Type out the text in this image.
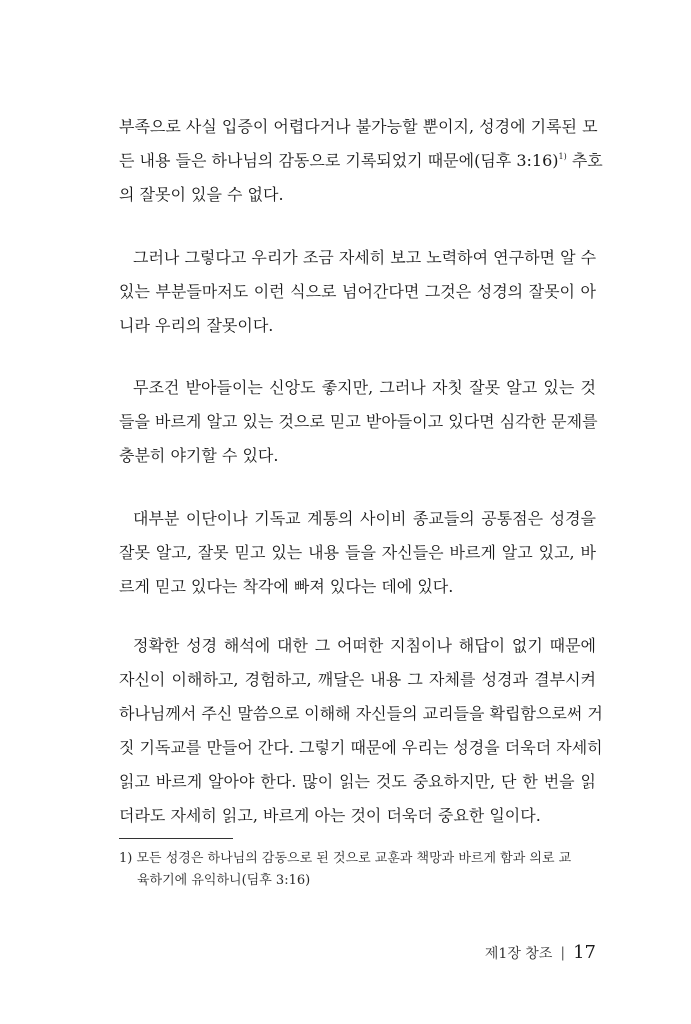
부족으로 사실 입증이 어렵다거나 불가능할 뿐이지, 성경에 기록된 모
든 내용 들은 하나님의 감동으로 기록되었기 때문에(딤후 3:16)$^{1)}$ 추호
의 잘못이 있을 수 없다.
그러나 그렇다고 우리가 조금 자세히 보고 노력하여 연구하면 알 수
있는 부분들마저도 이런 식으로 넘어간다면 그것은 성경의 잘못이 아
니라 우리의 잘못이다.
무조건 받아들이는 신앙도 좋지만, 그러나 자칫 잘못 알고 있는 것
들을 바르게 알고 있는 것으로 믿고 받아들이고 있다면 심각한 문제를
충분히 야기할 수 있다.
대부분 이단이나 기독교 계통의 사이비 종교들의 공통점은 성경을
잘못 알고, 잘못 믿고 있는 내용 들을 자신들은 바르게 알고 있고, 바
르게 믿고 있다는 착각에 빠져 있다는 데에 있다.
정확한 성경 해석에 대한 그 어떠한 지침이나 해답이 없기 때문에
자신이 이해하고, 경험하고, 깨달은 내용 그 자체를 성경과 결부시켜
하나님께서 주신 말씀으로 이해해 자신들의 교리들을 확립함으로써 거
짓 기독교를 만들어 간다. 그렇기 때문에 우리는 성경을 더욱더 자세히
읽고 바르게 알아야 한다. 많이 읽는 것도 중요하지만, 단 한 번을 읽
더라도 자세히 읽고, 바르게 아는 것이 더욱더 중요한 일이다.
1) 모든 성경은 하나님의 감동으로 된 것으로 교훈과 책망과 바르게 함과 의로 교
육하기에 유익하니(딤후 3:16)
제1장 창조 | 17
